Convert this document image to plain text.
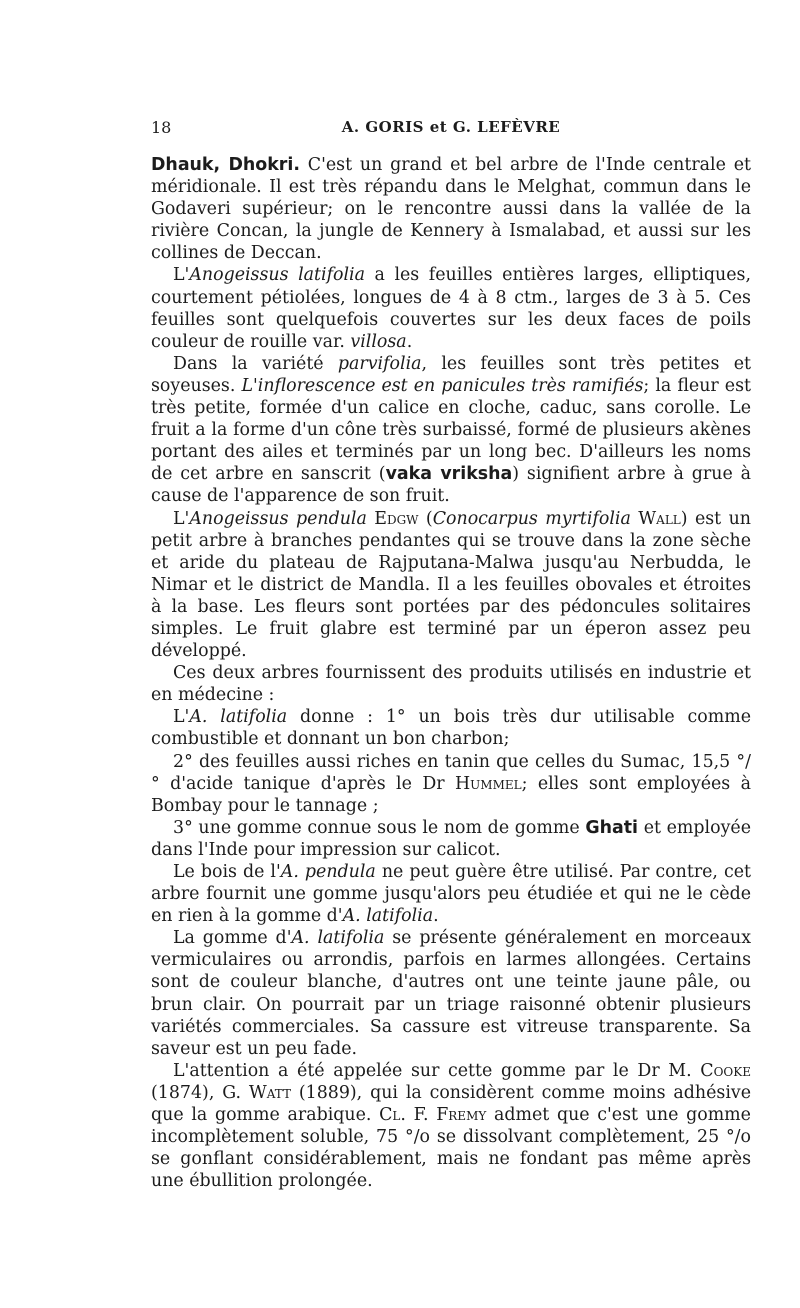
18	A. GORIS et G. LEFÈVRE

Dhauk, Dhokri. C'est un grand et bel arbre de l'Inde centrale et méridionale. Il est très répandu dans le Melghat, commun dans le Godaveri supérieur; on le rencontre aussi dans la vallée de la rivière Concan, la jungle de Kennery à Ismalabad, et aussi sur les collines de Deccan.

L'Anogeissus latifolia a les feuilles entières larges, elliptiques, courtement pétiolées, longues de 4 à 8 ctm., larges de 3 à 5. Ces feuilles sont quelquefois couvertes sur les deux faces de poils couleur de rouille var. villosa.

Dans la variété parvifolia, les feuilles sont très petites et soyeuses. L'inflorescence est en panicules très ramifiés; la fleur est très petite, formée d'un calice en cloche, caduc, sans corolle. Le fruit a la forme d'un cône très surbaissé, formé de plusieurs akènes portant des ailes et terminés par un long bec. D'ailleurs les noms de cet arbre en sanscrit (vaka vriksha) signifient arbre à grue à cause de l'apparence de son fruit.

L'Anogeissus pendula Edgw (Conocarpus myrtifolia Wall) est un petit arbre à branches pendantes qui se trouve dans la zone sèche et aride du plateau de Rajputana-Malwa jusqu'au Nerbudda, le Nimar et le district de Mandla. Il a les feuilles obovales et étroites à la base. Les fleurs sont portées par des pédoncules solitaires simples. Le fruit glabre est terminé par un éperon assez peu développé.

Ces deux arbres fournissent des produits utilisés en industrie et en médecine :

L'A. latifolia donne : 1° un bois très dur utilisable comme combustible et donnant un bon charbon;

2° des feuilles aussi riches en tanin que celles du Sumac, 15,5 °/° d'acide tanique d'après le Dr Hummel; elles sont employées à Bombay pour le tannage ;

3° une gomme connue sous le nom de gomme Ghati et employée dans l'Inde pour impression sur calicot.

Le bois de l'A. pendula ne peut guère être utilisé. Par contre, cet arbre fournit une gomme jusqu'alors peu étudiée et qui ne le cède en rien à la gomme d'A. latifolia.

La gomme d'A. latifolia se présente généralement en morceaux vermiculaires ou arrondis, parfois en larmes allongées. Certains sont de couleur blanche, d'autres ont une teinte jaune pâle, ou brun clair. On pourrait par un triage raisonné obtenir plusieurs variétés commerciales. Sa cassure est vitreuse transparente. Sa saveur est un peu fade.

L'attention a été appelée sur cette gomme par le Dr M. Cooke (1874), G. Watt (1889), qui la considèrent comme moins adhésive que la gomme arabique. Cl. F. Fremy admet que c'est une gomme incomplètement soluble, 75 °/o se dissolvant complètement, 25 °/o se gonflant considérablement, mais ne fondant pas même après une ébullition prolongée.
